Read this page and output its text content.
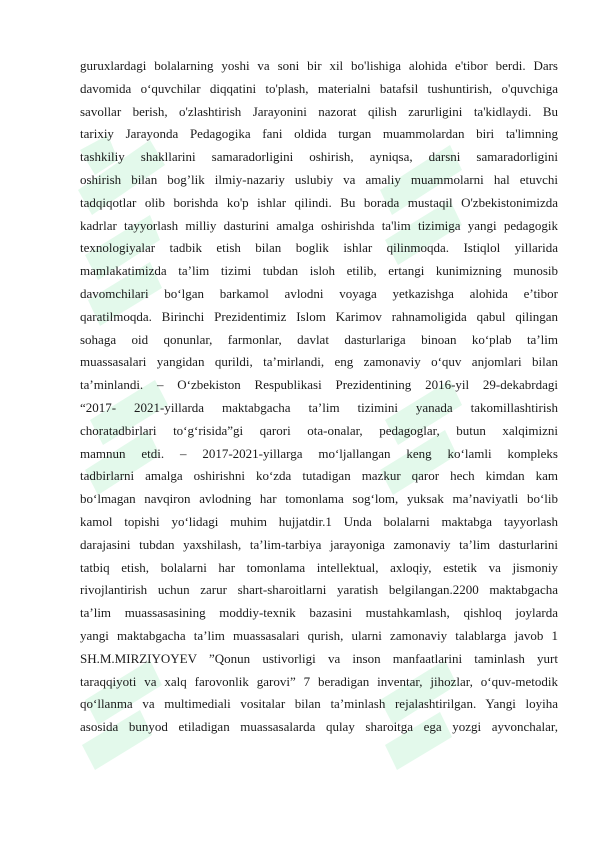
guruxlardagi bolalarning yoshi va soni bir xil bo'lishiga alohida e'tibor berdi. Dars
davomida o‘quvchilar diqqatini to'plash, materialni batafsil tushuntirish, o'quvchiga
savollar berish, o'zlashtirish Jarayonini nazorat qilish zarurligini ta'kidlaydi. Bu
tarixiy Jarayonda Pedagogika fani oldida turgan muammolardan biri ta'limning
tashkiliy shakllarini samaradorligini oshirish, ayniqsa, darsni samaradorligini
oshirish bilan bog’lik ilmiy-nazariy uslubiy va amaliy muammolarni hal etuvchi
tadqiqotlar olib borishda ko'p ishlar qilindi. Bu borada mustaqil O'zbekistonimizda
kadrlar tayyorlash milliy dasturini amalga oshirishda ta'lim tizimiga yangi pedagogik
texnologiyalar tadbik etish bilan boglik ishlar qilinmoqda. Istiqlol yillarida
mamlakatimizda ta’lim tizimi tubdan isloh etilib, ertangi kunimizning munosib
davomchilari bo‘lgan barkamol avlodni voyaga yetkazishga alohida e’tibor
qaratilmoqda. Birinchi Prezidentimiz Islom Karimov rahnamoligida qabul qilingan
sohaga oid qonunlar, farmonlar, davlat dasturlariga binoan ko‘plab ta’lim
muassasalari yangidan qurildi, ta’mirlandi, eng zamonaviy o‘quv anjomlari bilan
ta’minlandi. – O‘zbekiston Respublikasi Prezidentining 2016-yil 29-dekabrdagi
“2017- 2021-yillarda maktabgacha ta’lim tizimini yanada takomillashtirish
choratadbirlari to‘g‘risida”gi qarori ota-onalar, pedagoglar, butun xalqimizni
mamnun etdi. – 2017-2021-yillarga mo‘ljallangan keng ko‘lamli kompleks
tadbirlarni amalga oshirishni ko‘zda tutadigan mazkur qaror hech kimdan kam
bo‘lmagan navqiron avlodning har tomonlama sog‘lom, yuksak ma’naviyatli bo‘lib
kamol topishi yo‘lidagi muhim hujjatdir.1 Unda bolalarni maktabga tayyorlash
darajasini tubdan yaxshilash, ta’lim-tarbiya jarayoniga zamonaviy ta’lim dasturlarini
tatbiq etish, bolalarni har tomonlama intellektual, axloqiy, estetik va jismoniy
rivojlantirish uchun zarur shart-sharoitlarni yaratish belgilangan.2200 maktabgacha
ta’lim muassasasining moddiy-texnik bazasini mustahkamlash, qishloq joylarda
yangi maktabgacha ta’lim muassasalari qurish, ularni zamonaviy talablarga javob 1
SH.M.MIRZIYOYEV ”Qonun ustivorligi va inson manfaatlarini taminlash yurt
taraqqiyoti va xalq farovonlik garovi” 7 beradigan inventar, jihozlar, o‘quv-metodik
qo‘llanma va multimediali vositalar bilan ta’minlash rejalashtirilgan. Yangi loyiha
asosida bunyod etiladigan muassasalarda qulay sharoitga ega yozgi ayvonchalar,
